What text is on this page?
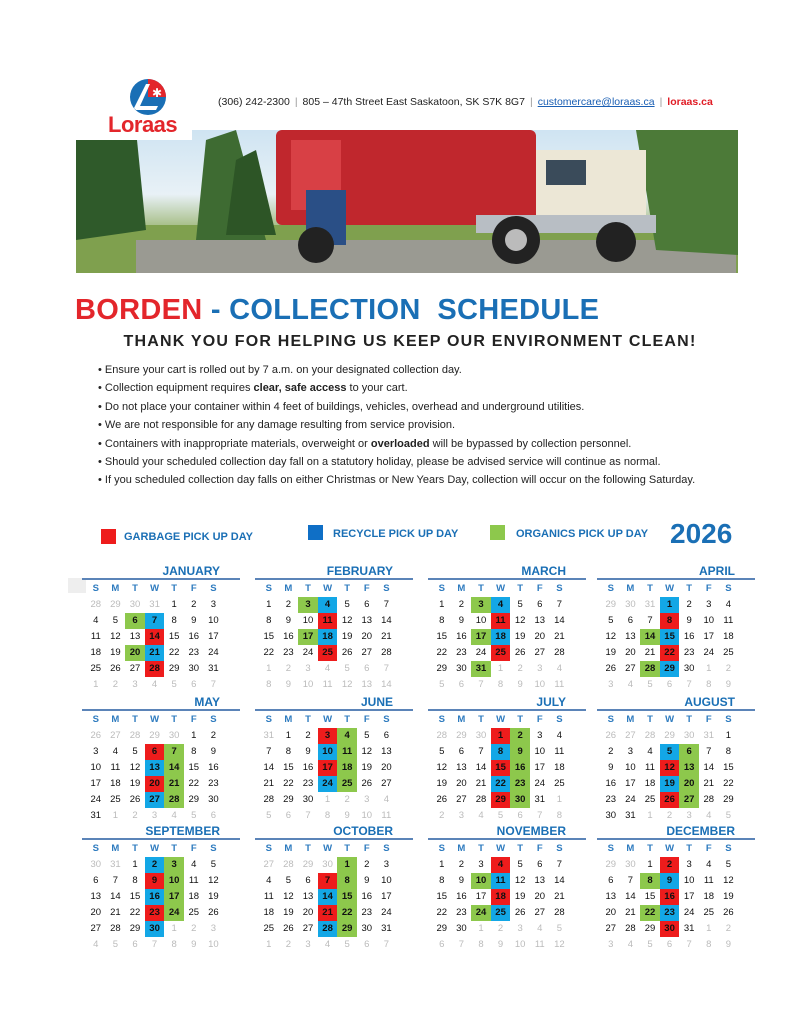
✱
Loraas
(306) 242-2300 | 805 – 47th Street East Saskatoon, SK S7K 8G7 | customercare@loraas.ca | loraas.ca
BORDEN - COLLECTION  SCHEDULE
THANK YOU FOR HELPING US KEEP OUR ENVIRONMENT CLEAN!
• Ensure your cart is rolled out by 7 a.m. on your designated collection day.
• Collection equipment requires clear, safe access to your cart.
• Do not place your container within 4 feet of buildings, vehicles, overhead and underground utilities.
• We are not responsible for any damage resulting from service provision.
• Containers with inappropriate materials, overweight or overloaded will be bypassed by collection personnel.
• Should your scheduled collection day fall on a statutory holiday, please be advised service will continue as normal.
• If you scheduled collection day falls on either Christmas or New Years Day, collection will occur on the following Saturday.
GARBAGE PICK UP DAY	RECYCLE PICK UP DAY	ORGANICS PICK UP DAY 2026
JANUARY
S	M	T	W	T	F	S
28 29 30 31	1	2	3
4	5	6	7	8	9	10
11 12 13 14 15 16 17
18 19 20 21 22 23 24
25 26 27 28 29 30 31
1	2	3	4	5	6	7
FEBRUARY
S	M	T	W	T	F	S
1	2	3	4	5	6	7
8	9	10 11 12 13 14
15 16 17 18 19 20 21
22 23 24 25 26 27 28
1	2	3	4	5	6	7
8	9	10 11 12 13 14
MARCH
S	M	T	W	T	F	S
1	2	3	4	5	6	7
8	9	10 11 12 13 14
15 16 17 18 19 20 21
22 23 24 25 26 27 28
29 30 31	1	2	3	4
5	6	7	8	9	10 11
APRIL
S	M	T	W	T	F	S
29 30 31	1	2	3	4
5	6	7	8	9	10 11
12 13 14 15 16 17 18
19 20 21 22 23 24 25
26 27 28 29 30	1	2
3	4	5	6	7	8	9
MAY
S	M	T	W	T	F	S
26 27 28 29 30	1	2
3	4	5	6	7	8	9
10 11 12 13 14 15 16
17 18 19 20 21 22 23
24 25 26 27 28 29 30
31	1	2	3	4	5	6
JUNE
S	M	T	W	T	F	S
31	1	2	3	4	5	6
7	8	9	10 11 12 13
14 15 16 17 18 19 20
21 22 23 24 25 26 27
28 29 30	1	2	3	4
5	6	7	8	9	10 11
JULY
S	M	T	W	T	F	S
28 29 30	1	2	3	4
5	6	7	8	9	10 11
12 13 14 15 16 17 18
19 20 21 22 23 24 25
26 27 28 29 30 31	1
2	3	4	5	6	7	8
AUGUST
S	M	T	W	T	F	S
26 27 28 29 30 31	1
2	3	4	5	6	7	8
9	10 11 12 13 14 15
16 17 18 19 20 21 22
23 24 25 26 27 28 29
30 31	1	2	3	4	5
SEPTEMBER
S	M	T	W	T	F	S
30 31	1	2	3	4	5
6	7	8	9	10 11 12
13 14 15 16 17 18 19
20 21 22 23 24 25 26
27 28 29 30	1	2	3
4	5	6	7	8	9	10
OCTOBER
S	M	T	W	T	F	S
27 28 29 30	1	2	3
4	5	6	7	8	9	10
11 12 13 14 15 16 17
18 19 20 21 22 23 24
25 26 27 28 29 30 31
1	2	3	4	5	6	7
NOVEMBER
S	M	T	W	T	F	S
1	2	3	4	5	6	7
8	9	10 11 12 13 14
15 16 17 18 19 20 21
22 23 24 25 26 27 28
29 30	1	2	3	4	5
6	7	8	9	10 11 12
DECEMBER
S	M	T	W	T	F	S
29 30	1	2	3	4	5
6	7	8	9	10 11 12
13 14 15 16 17 18 19
20 21 22 23 24 25 26
27 28 29 30 31	1	2
3	4	5	6	7	8	9
